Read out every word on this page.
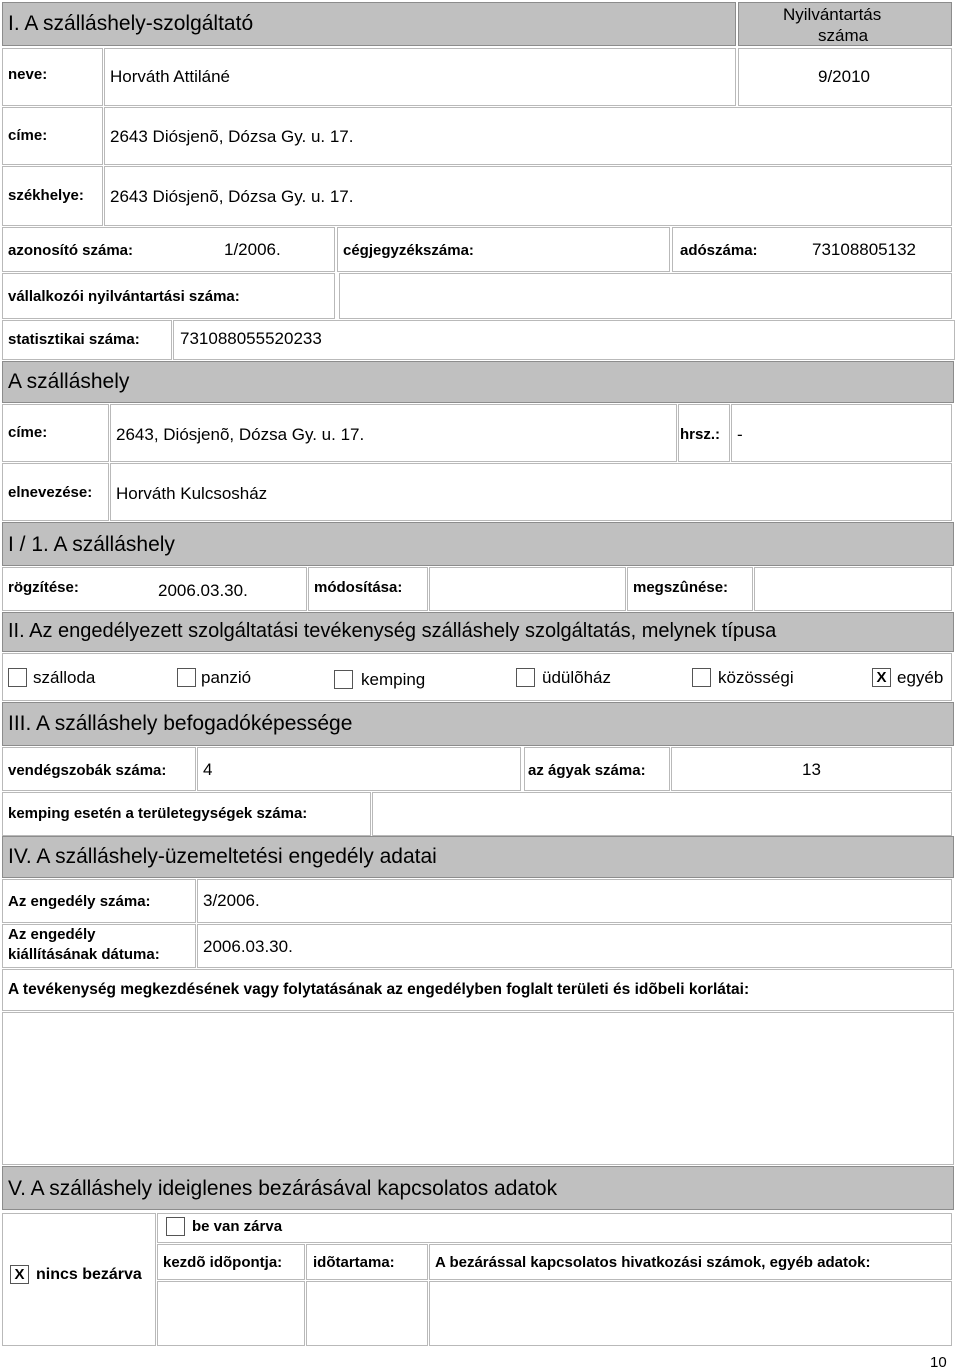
I. A szálláshely-szolgáltató	Nyilvántartás
száma
neve:	Horváth Attiláné	9/2010
címe:	2643 Diósjenõ, Dózsa Gy. u. 17.
székhelye: 2643 Diósjenõ, Dózsa Gy. u. 17.
azonosító száma:	1/2006.	cégjegyzékszáma:	adószáma:	73108805132
vállalkozói nyilvántartási száma:
statisztikai száma: 731088055520233
A szálláshely
címe:	2643, Diósjenõ, Dózsa Gy. u. 17.	hrsz.: -
elnevezése: Horváth Kulcsosház
I / 1. A szálláshely
rögzítése:	2006.03.30.	módosítása:	megszûnése:
II. Az engedélyezett szolgáltatási tevékenység szálláshely szolgáltatás, melynek típusa
szálloda	panzió	kemping	üdülõház	közösségi	X egyéb
III. A szálláshely befogadóképessége
vendégszobák száma: 4	az ágyak száma:	13
kemping esetén a területegységek száma:
IV. A szálláshely-üzemeltetési engedély adatai
Az engedély száma:	3/2006.
Az engedély
kiállításának dátuma:	2006.03.30.
A tevékenység megkezdésének vagy folytatásának az engedélyben foglalt területi és idõbeli korlátai:
V. A szálláshely ideiglenes bezárásával kapcsolatos adatok
X nincs bezárva
be van zárva
kezdõ idõpontja: idõtartama:	A bezárással kapcsolatos hivatkozási számok, egyéb adatok:
10
